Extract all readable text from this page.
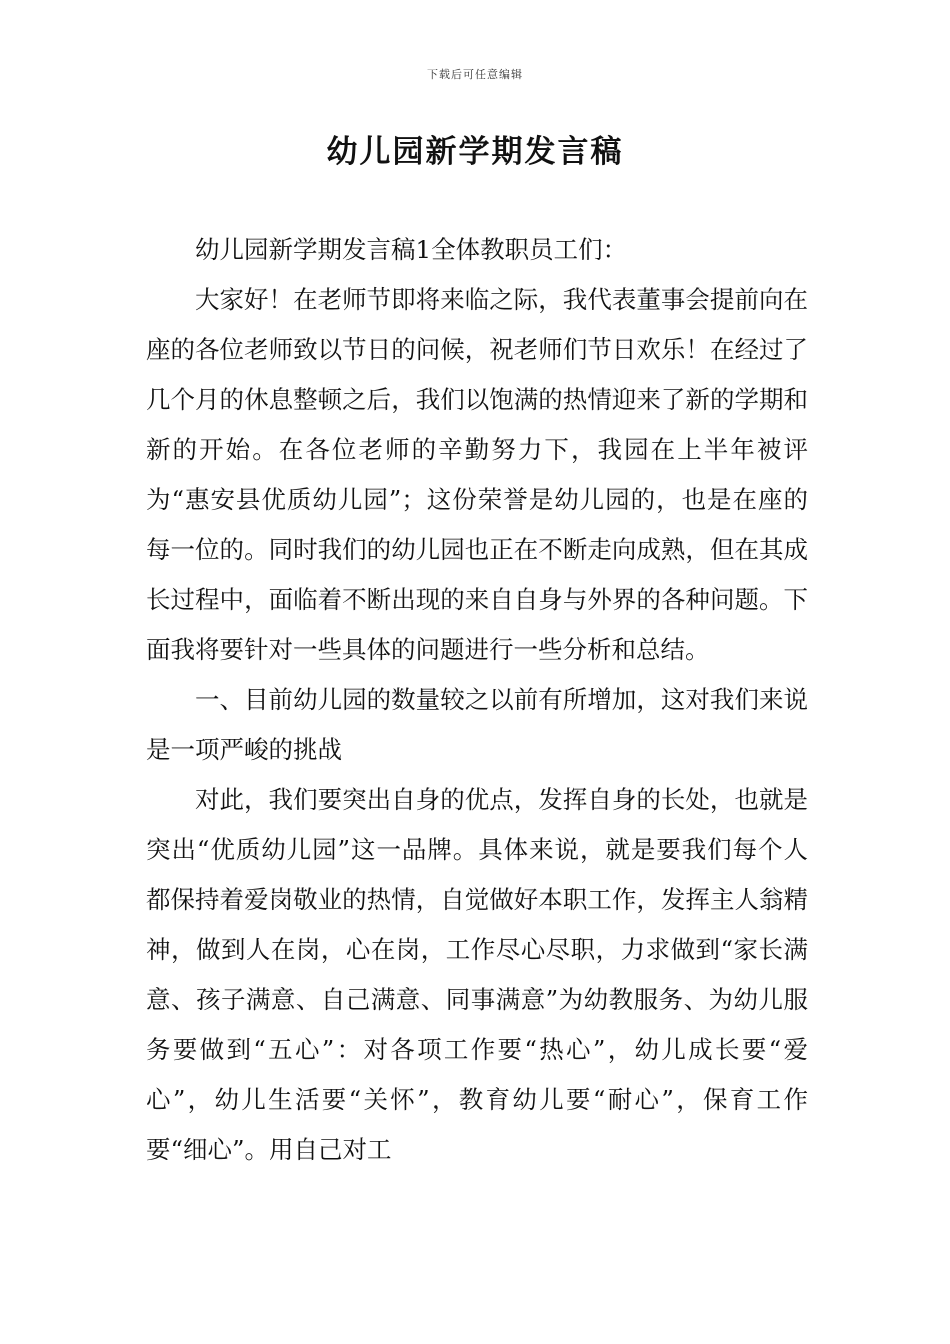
下载后可任意编辑
幼儿园新学期发言稿

幼儿园新学期发言稿1全体教职员工们：

大家好！在老师节即将来临之际，我代表董事会提前向在座的各位老师致以节日的问候，祝老师们节日欢乐！在经过了几个月的休息整顿之后，我们以饱满的热情迎来了新的学期和新的开始。在各位老师的辛勤努力下，我园在上半年被评为“惠安县优质幼儿园”；这份荣誉是幼儿园的，也是在座的每一位的。同时我们的幼儿园也正在不断走向成熟，但在其成长过程中，面临着不断出现的来自自身与外界的各种问题。下面我将要针对一些具体的问题进行一些分析和总结。

一、目前幼儿园的数量较之以前有所增加，这对我们来说是一项严峻的挑战

对此，我们要突出自身的优点，发挥自身的长处，也就是突出“优质幼儿园”这一品牌。具体来说，就是要我们每个人都保持着爱岗敬业的热情，自觉做好本职工作，发挥主人翁精神，做到人在岗，心在岗，工作尽心尽职，力求做到“家长满意、孩子满意、自己满意、同事满意”为幼教服务、为幼儿服务要做到“五心”：对各项工作要“热心”，幼儿成长要“爱心”，幼儿生活要“关怀”，教育幼儿要“耐心”，保育工作要“细心”。用自己对工
